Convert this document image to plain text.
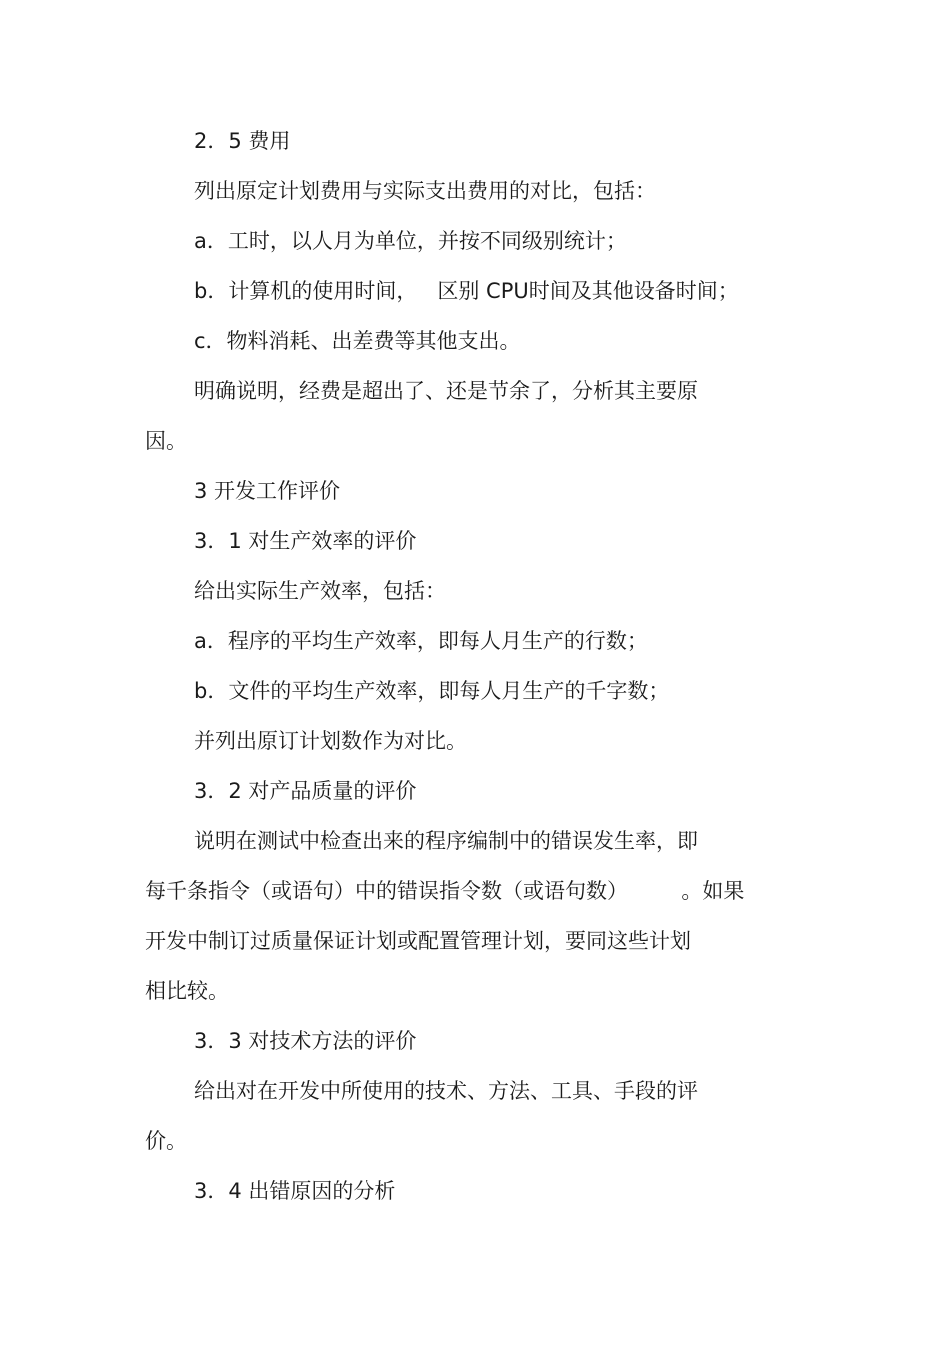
2．5 费用

列出原定计划费用与实际支出费用的对比，包括：

a．工时，以人月为单位，并按不同级别统计；

b．计算机的使用时间，   区别 CPU时间及其他设备时间；

c．物料消耗、出差费等其他支出。

明确说明，经费是超出了、还是节余了，分析其主要原

因。

3 开发工作评价

3．1 对生产效率的评价

给出实际生产效率，包括：

a．程序的平均生产效率，即每人月生产的行数；

b．文件的平均生产效率，即每人月生产的千字数；

并列出原订计划数作为对比。

3．2 对产品质量的评价

说明在测试中检查出来的程序编制中的错误发生率，即

每千条指令（或语句）中的错误指令数（或语句数）        。如果

开发中制订过质量保证计划或配置管理计划，要同这些计划

相比较。

3．3 对技术方法的评价

给出对在开发中所使用的技术、方法、工具、手段的评

价。

3．4 出错原因的分析
